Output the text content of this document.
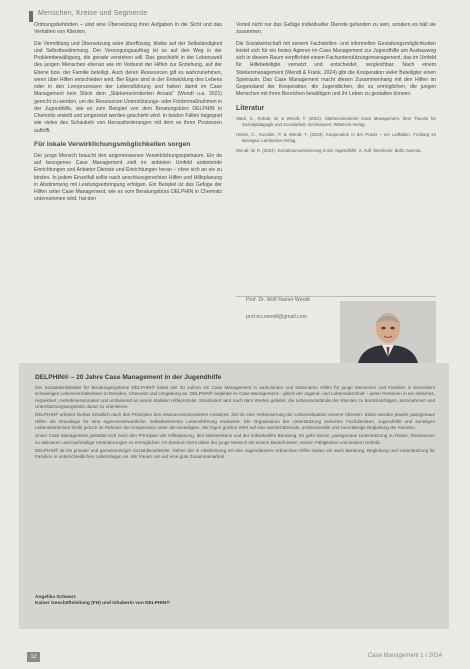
Menschen, Kreise und Segmente

Ordnungsbehörden – sind eine Übersetzung ihrer Aufgaben in die Sicht und das Verhalten von Klienten.

Die Vermittlung und Übersetzung wäre überflüssig, bliebe auf der Selbständigkeit und Selbstbestimmung. Der Versorgungsauftrag ist so auf den Weg in der Problembewältigung, die gerade verstehen will. Das geschieht in der Lebenswelt des jungen Menschen ebenso wie im Verbund der Hilfen zur Erziehung, auf der Ebene bzw. der Familie beteiligt. Auch deren Ressourcen gilt es wahrzunehmen, wenn über Hilfen entschieden wird. Bei Eigen sind in der Entwicklung des Lebens oder in den Lernprozessen der Lebensführung und haben damit im Case Management kein Stück dem „Stärkenorientierten Ansatz“ (Wendt u.a. 2021) gerecht zu werden, um die Ressourcen Unterstützungs- oder Fördermaßnahmen in der Jugendhilfe, wie es zum Beispiel von dem Beratungsbüro DELPHIN in Chemnitz erstellt und umgesetzt werden geschieht wird. In beiden Fällen begegnet wie vieles des Schaukeln von Herausforderungen mit dem es ihren Prozessen auftrifft.

Für lokale Verwirklichungsmöglichkeiten sorgen

Der junge Mensch braucht den angemessenen Verwirklichungsspielraum. Ein da auf bezogenes Case Management zielt im anbieten Umfeld anbietende Einrichtungen und Anbieter Dienste und Einrichtungen heran – ohne sich an sie zu binden. In jedem Einzelfall sollte nach anschlussgerechten Hilfen und Hilfeplanung in Abstimmung mit Leistungserbringung erfolgen. Ein Beispiel ist das Gefüge der Hilfen unter Case Management, wie es vom Beratungsbüro DELPHIN in Chemnitz unternommen wird, hat den

Vorteil nicht nur das Gefüge individueller Dienste gefunden zu sein, sondern es hält sie zusammen.

Die Sozialwirtschaft mit seinem Fachstellen- und informellen Gestaltungsmöglichkeiten leistet sich für ein festes Agieren im Case Management zur Jugendhilfe am Ausbauweg sich in diesem Raum verpflichtet einem Fachunterstützungsmanagement, das im Umfeld für Hilfebeteiligte vernetzt und entscheidet, vergleichbar. Nach einem Stärkenmanagement (Wendt & Frank, 2024) gibt die Kooperation vieler Beteiligter einen Spielraum. Das Case Management macht diesen Zusammenhang mit den Hilfen im Gegenstand der Kooperation, die Jugendlichen, die zu ermöglichen, die jungen Menschen mit ihren Bereichen bewältigen und ihr Leben zu gestalten können.

Literatur

Stärk, S., Rohde, M. & Wendt, T. (2021). Stärkenorientierte Case Management. Ihrer Theorie für Sozialpädagogik und Sozialarbeit. Gelnhausen: Wittstock-Verlag.

Hinkel, C., Kunstler, P. & Wendt, T. (2023). Kooperation in der Praxis – ein Leitfaden. Freiburg im Breisgau: Lambertus-Verlag.

Wendt, W. R. (2024). Sozialraumorientierung in der Jugendhilfe. 2. Aufl. Weinheim: Beltz Juventa.

Prof. Dr. Wolf Rainer Wendt
prof.w.r.wendt@gmail.com
DELPHIN® – 20 Jahre Case Management in der Jugendhilfe

Der Sozialdienstleister für Beratungssysteme DELPHIN® bietet seit 20 Jahren ein Case Management in ambulanten und stationären Hilfen für junge Menschen und Familien in besonders schwierigen Lebensverhältnissen in Dresden, Chemnitz und Umgebung an. DELPHIN® begleitet im Case Management – gleich der Jugend- und Lebensabschnitt – jeden Personen in ein ehrliches, respektiert, mehrdimensionales und umfassend an einem stabilen Hilfeprozess. Strukturiert wird nach dem Werten geleitet, die Lebensumstände der Klienten zu berücksichtigen, anzunehmen und Unterstützungsangebote daran zu orientieren.

DELPHIN® arbeitet hierbei inhaltlich nach den Prinzipien des ressourcenorientierten Ansatzes. Ziel ist eine Verbesserung der Lebenssituation unserer Klienten. Dabei werden jeweils passgenaue Hilfen als Grundlage für eine eigenverantwortliche, selbstbestimmte Lebensführung erarbeitet. Die Organisation der Unterstützung zwischen Fachdiensten, Jugendhilfe und sonstigen Lebensbereichen bleibt jedoch im Rahmen der Kooperation unter den Beteiligten. Wir legen großen Wert auf eine wertschätzende, professionelle und zuverlässige Begleitung der Klienten.

Unser Case Management gestaltet sich nach den Prinzipien der Hilfeplanung, des Netzwerkens und der individuellen Beratung. Es geht darum, passgenaue Unterstützung zu finden, Ressourcen zu aktivieren und nachhaltige Veränderungen zu ermöglichen. Im Zentrum steht dabei der junge Mensch mit seinen Bedürfnissen, seinen Fähigkeiten und seinem Umfeld.

DELPHIN® ist ein privater und gemeinnütziger Sozialdienstleister. Neben der in Abstimmung mit den Jugendämtern erbrachten Hilfen bieten wir auch Beratung, Begleitung und Unterstützung für Familien in unterschiedlichen Lebenslagen an. Wir freuen uns auf eine gute Zusammenarbeit.

Angelika Schwarz
Kaiser Geschäftsleitung (FH) und Inhaberin von DELPHIN®
12	Case Management 1 / 2024
